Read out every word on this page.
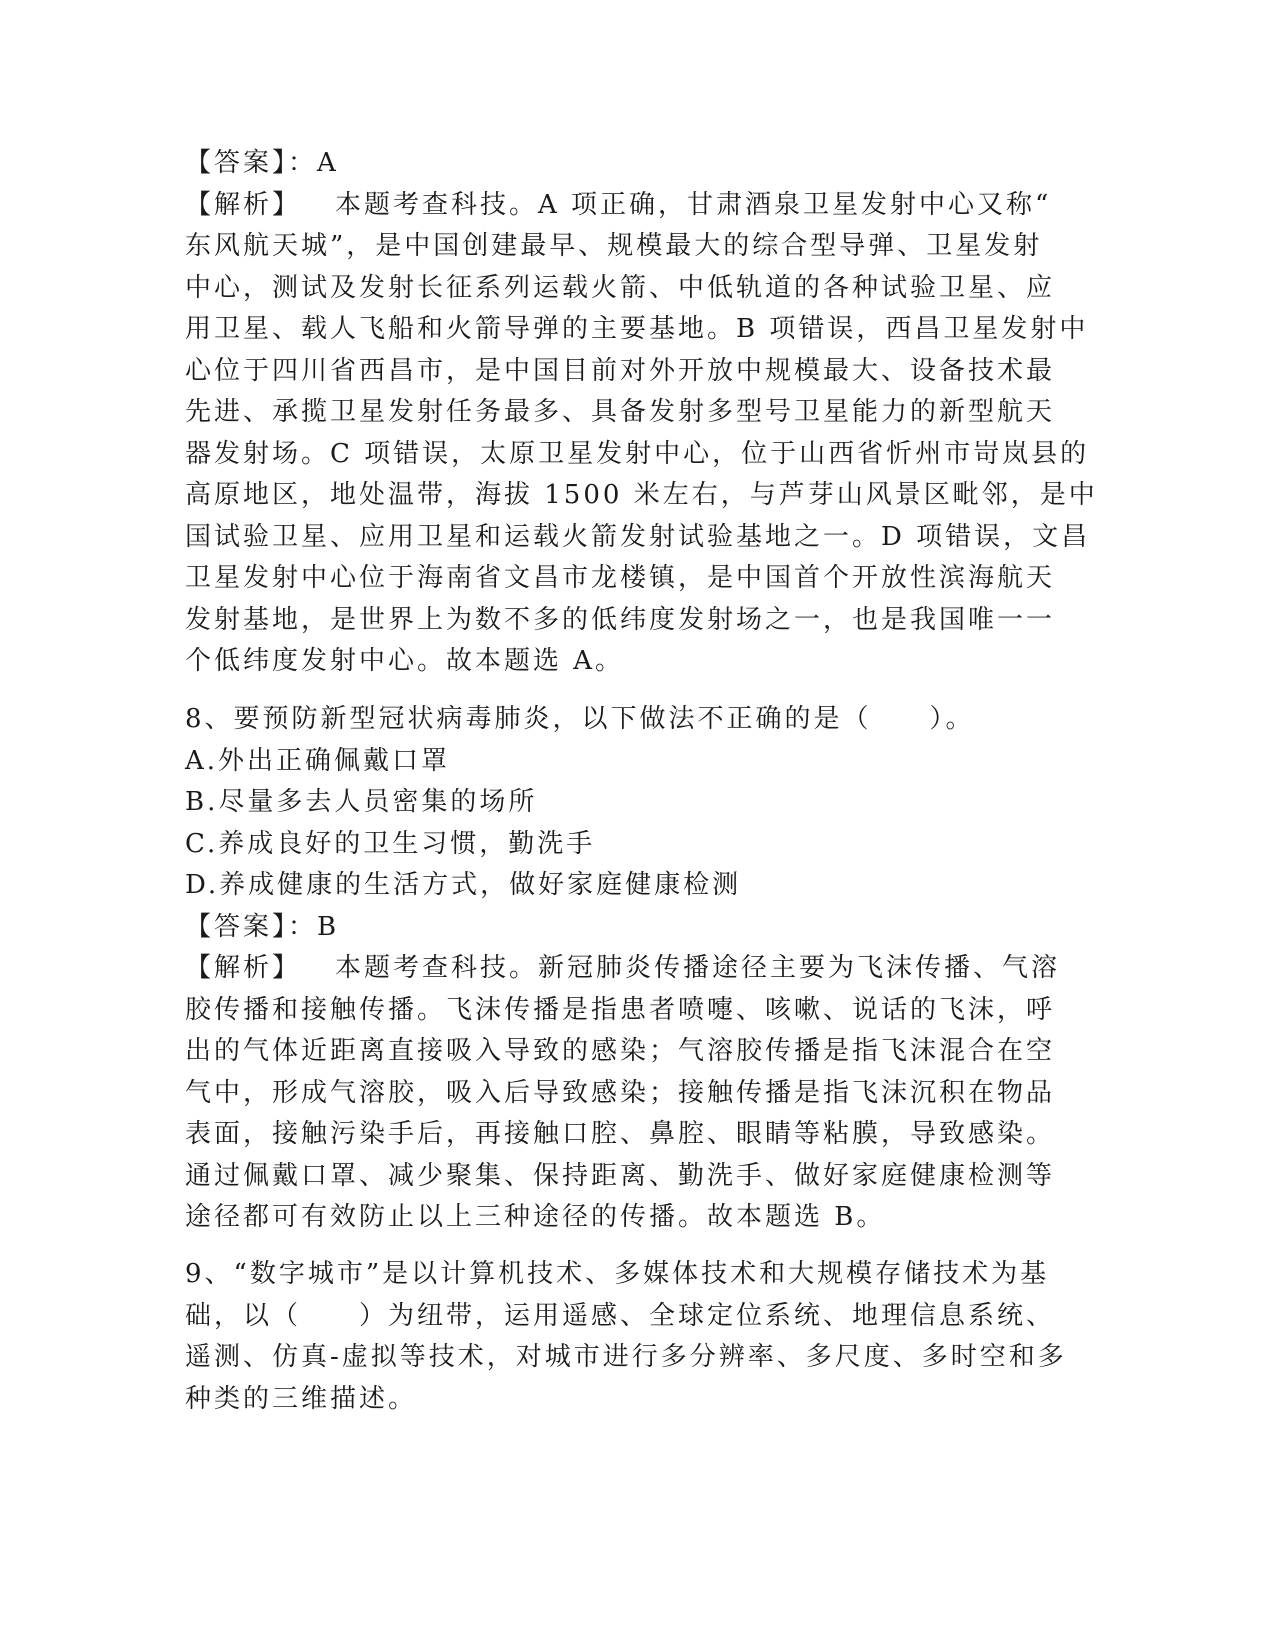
【答案】：A
【解析】 本题考查科技。A 项正确，甘肃酒泉卫星发射中心又称“
东风航天城”，是中国创建最早、规模最大的综合型导弹、卫星发射
中心，测试及发射长征系列运载火箭、中低轨道的各种试验卫星、应
用卫星、载人飞船和火箭导弹的主要基地。B 项错误，西昌卫星发射中
心位于四川省西昌市，是中国目前对外开放中规模最大、设备技术最
先进、承揽卫星发射任务最多、具备发射多型号卫星能力的新型航天
器发射场。C 项错误，太原卫星发射中心，位于山西省忻州市岢岚县的
高原地区，地处温带，海拔 1500 米左右，与芦芽山风景区毗邻，是中
国试验卫星、应用卫星和运载火箭发射试验基地之一。D 项错误，文昌
卫星发射中心位于海南省文昌市龙楼镇，是中国首个开放性滨海航天
发射基地，是世界上为数不多的低纬度发射场之一，也是我国唯一一
个低纬度发射中心。故本题选 A。
8、要预防新型冠状病毒肺炎，以下做法不正确的是（　　）。
A.外出正确佩戴口罩
B.尽量多去人员密集的场所
C.养成良好的卫生习惯，勤洗手
D.养成健康的生活方式，做好家庭健康检测
【答案】：B
【解析】 本题考查科技。新冠肺炎传播途径主要为飞沫传播、气溶
胶传播和接触传播。飞沫传播是指患者喷嚏、咳嗽、说话的飞沫，呼
出的气体近距离直接吸入导致的感染；气溶胶传播是指飞沫混合在空
气中，形成气溶胶，吸入后导致感染；接触传播是指飞沫沉积在物品
表面，接触污染手后，再接触口腔、鼻腔、眼睛等粘膜，导致感染。
通过佩戴口罩、减少聚集、保持距离、勤洗手、做好家庭健康检测等
途径都可有效防止以上三种途径的传播。故本题选 B。
9、“数字城市”是以计算机技术、多媒体技术和大规模存储技术为基
础，以（　　）为纽带，运用遥感、全球定位系统、地理信息系统、
遥测、仿真-虚拟等技术，对城市进行多分辨率、多尺度、多时空和多
种类的三维描述。
